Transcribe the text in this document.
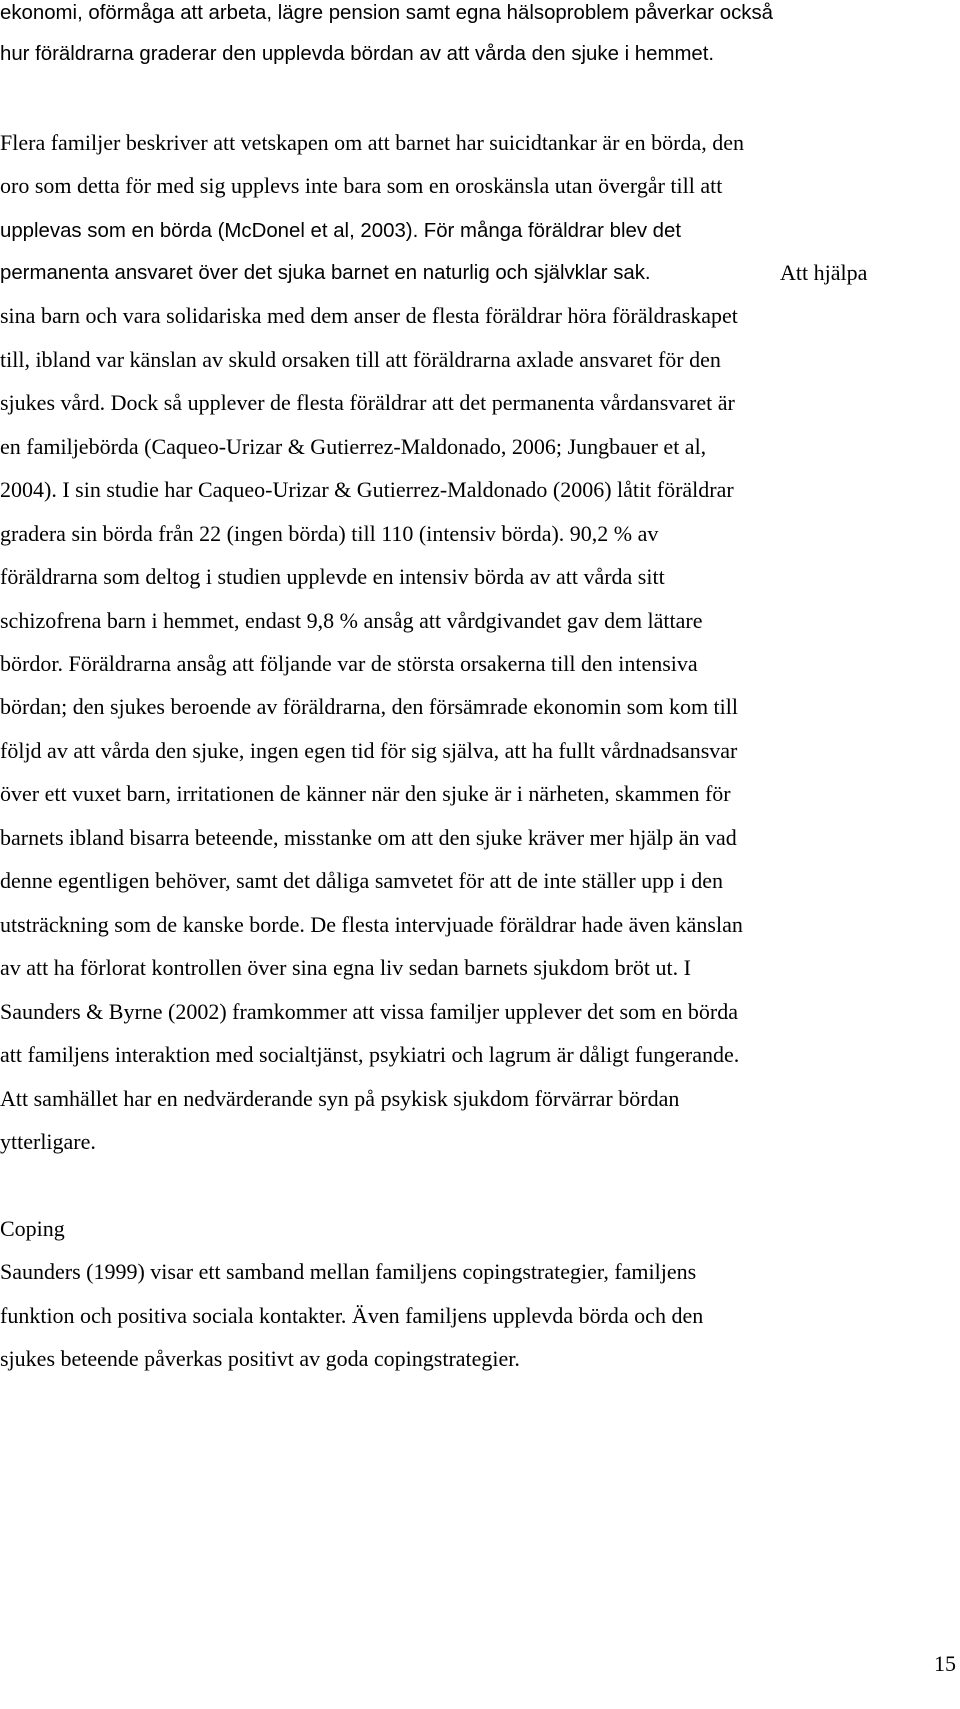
ekonomi, oförmåga att arbeta, lägre pension samt egna hälsoproblem påverkar också
hur föräldrarna graderar den upplevda bördan av att vårda den sjuke i hemmet.
Flera familjer beskriver att vetskapen om att barnet har suicidtankar är en börda, den
oro som detta för med sig upplevs inte bara som en oroskänsla utan övergår till att
upplevas som en börda (McDonel et al, 2003). För många föräldrar blev det
permanenta ansvaret över det sjuka barnet en naturlig och självklar sak.	Att hjälpa
sina barn och vara solidariska med dem anser de flesta föräldrar höra föräldraskapet
till, ibland var känslan av skuld orsaken till att föräldrarna axlade ansvaret för den
sjukes vård. Dock så upplever de flesta föräldrar att det permanenta vårdansvaret är
en familjebörda (Caqueo-Urizar & Gutierrez-Maldonado, 2006; Jungbauer et al,
2004). I sin studie har Caqueo-Urizar & Gutierrez-Maldonado (2006) låtit föräldrar
gradera sin börda från 22 (ingen börda) till 110 (intensiv börda). 90,2 % av
föräldrarna som deltog i studien upplevde en intensiv börda av att vårda sitt
schizofrena barn i hemmet, endast 9,8 % ansåg att vårdgivandet gav dem lättare
bördor. Föräldrarna ansåg att följande var de största orsakerna till den intensiva
bördan; den sjukes beroende av föräldrarna, den försämrade ekonomin som kom till
följd av att vårda den sjuke, ingen egen tid för sig själva, att ha fullt vårdnadsansvar
över ett vuxet barn, irritationen de känner när den sjuke är i närheten, skammen för
barnets ibland bisarra beteende, misstanke om att den sjuke kräver mer hjälp än vad
denne egentligen behöver, samt det dåliga samvetet för att de inte ställer upp i den
utsträckning som de kanske borde. De flesta intervjuade föräldrar hade även känslan
av att ha förlorat kontrollen över sina egna liv sedan barnets sjukdom bröt ut. I
Saunders & Byrne (2002) framkommer att vissa familjer upplever det som en börda
att familjens interaktion med socialtjänst, psykiatri och lagrum är dåligt fungerande.
Att samhället har en nedvärderande syn på psykisk sjukdom förvärrar bördan
ytterligare.
Coping
Saunders (1999) visar ett samband mellan familjens copingstrategier, familjens
funktion och positiva sociala kontakter. Även familjens upplevda börda och den
sjukes beteende påverkas positivt av goda copingstrategier.
15
